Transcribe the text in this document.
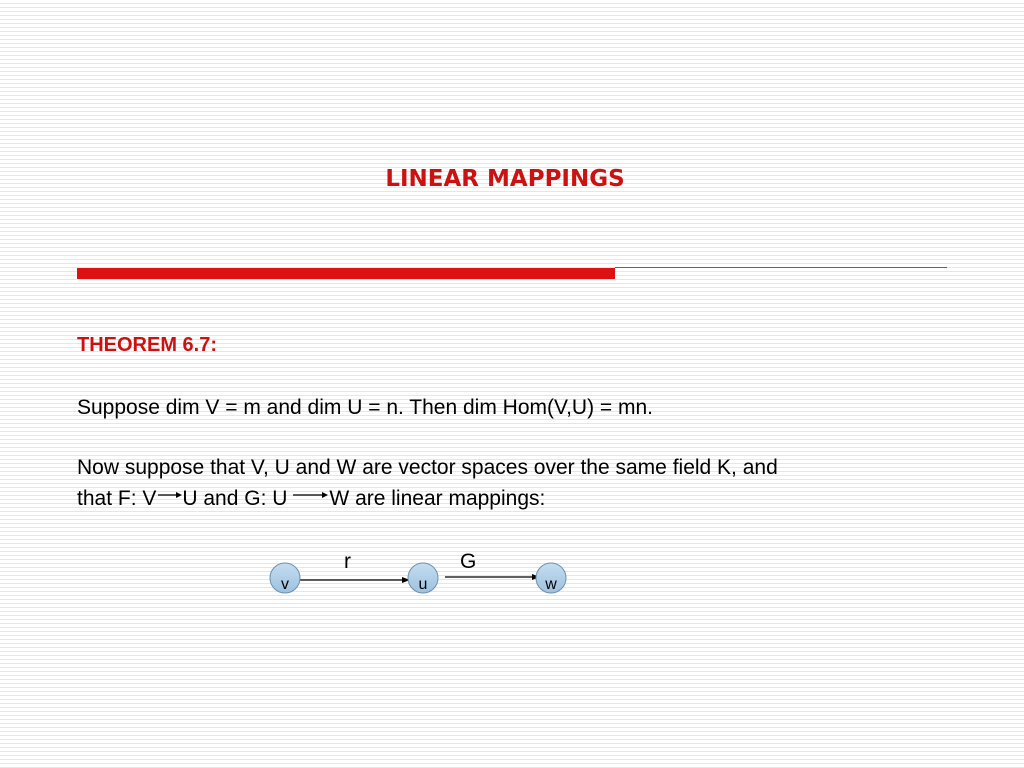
LINEAR MAPPINGS
THEOREM 6.7:
Suppose dim V = m and dim U = n. Then dim Hom(V,U) = mn.
Now suppose that V, U and W are vector spaces over the same field K, and
that F: V U and G: U W are linear mappings:
r	G
v	u	w
